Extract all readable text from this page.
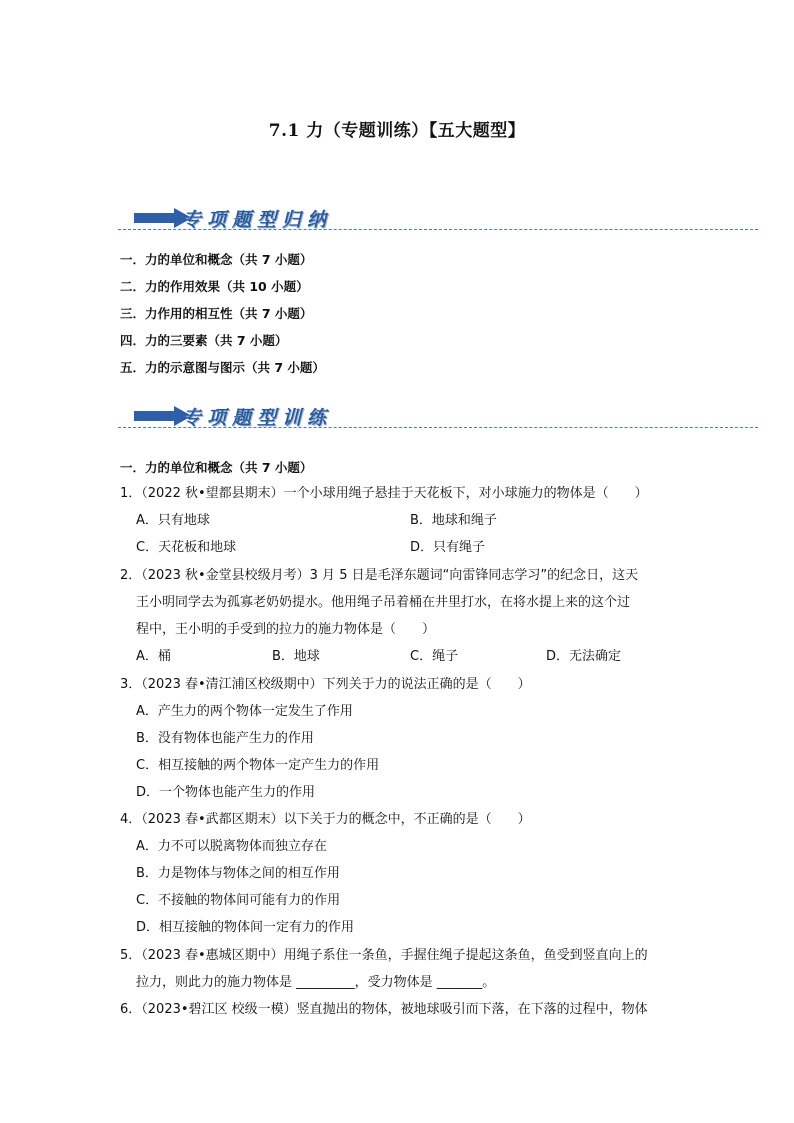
7.1 力（专题训练）【五大题型】
专项题型归纳
一．力的单位和概念（共 7 小题）
二．力的作用效果（共 10 小题）
三．力作用的相互性（共 7 小题）
四．力的三要素（共 7 小题）
五．力的示意图与图示（共 7 小题）
专项题型训练
一．力的单位和概念（共 7 小题）
1．（2022 秋•望都县期末）一个小球用绳子悬挂于天花板下，对小球施力的物体是（　　）
A．只有地球	B．地球和绳子
C．天花板和地球	D．只有绳子
2．（2023 秋•金堂县校级月考）3 月 5 日是毛泽东题词“向雷锋同志学习”的纪念日，这天
王小明同学去为孤寡老奶奶提水。他用绳子吊着桶在井里打水，在将水提上来的这个过
程中，王小明的手受到的拉力的施力物体是（　　）
A．桶	B．地球	C．绳子	D．无法确定
3．（2023 春•清江浦区校级期中）下列关于力的说法正确的是（　　）
A．产生力的两个物体一定发生了作用
B．没有物体也能产生力的作用
C．相互接触的两个物体一定产生力的作用
D．一个物体也能产生力的作用
4．（2023 春•武都区期末）以下关于力的概念中，不正确的是（　　）
A．力不可以脱离物体而独立存在
B．力是物体与物体之间的相互作用
C．不接触的物体间可能有力的作用
D．相互接触的物体间一定有力的作用
5．（2023 春•惠城区期中）用绳子系住一条鱼，手握住绳子提起这条鱼，鱼受到竖直向上的
拉力，则此力的施力物体是 _________，受力物体是 _______。
6．（2023•碧江区 校级一模）竖直抛出的物体，被地球吸引而下落，在下落的过程中，物体
